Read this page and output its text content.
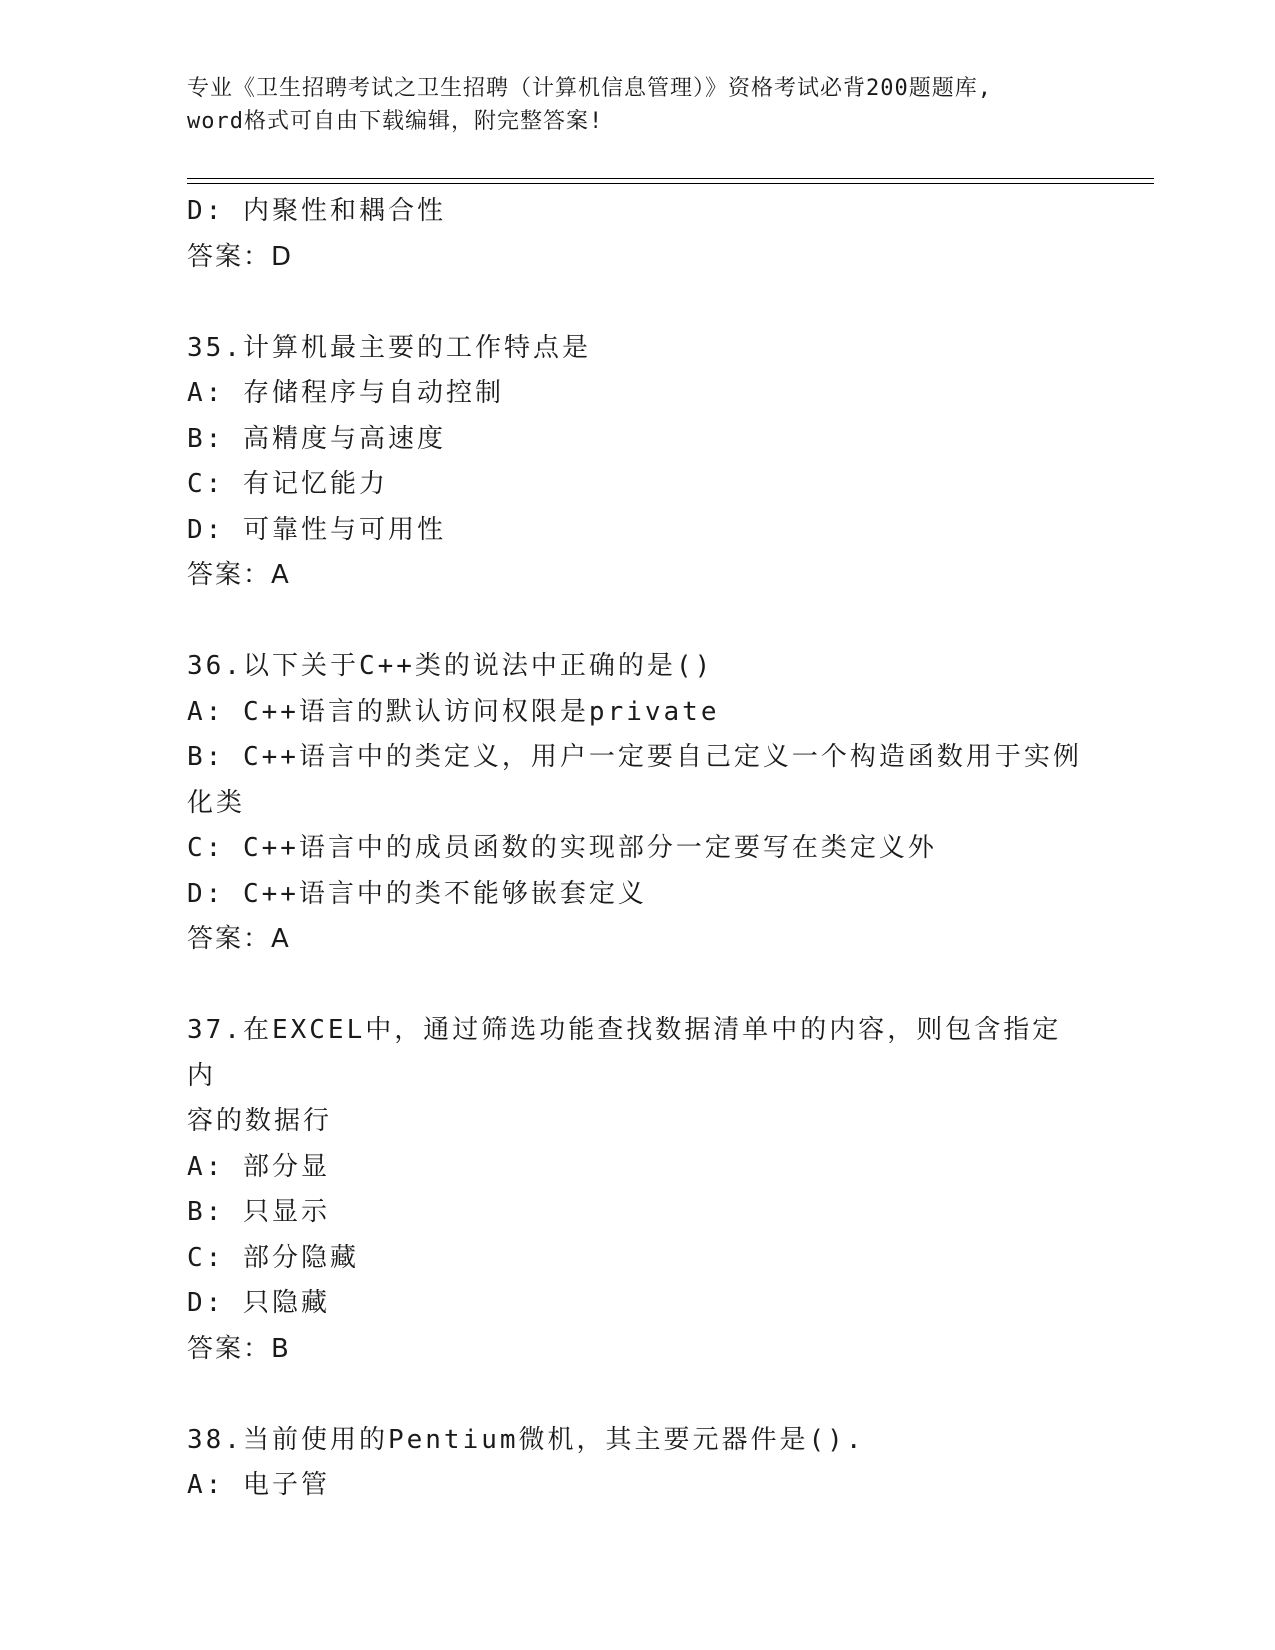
专业《卫生招聘考试之卫生招聘（计算机信息管理）》资格考试必背200题题库,
word格式可自由下载编辑，附完整答案!
D: 内聚性和耦合性
答案：D
35.计算机最主要的工作特点是
A: 存储程序与自动控制
B: 高精度与高速度
C: 有记忆能力
D: 可靠性与可用性
答案：A
36.以下关于C++类的说法中正确的是()
A: C++语言的默认访问权限是private
B: C++语言中的类定义，用户一定要自己定义一个构造函数用于实例
化类
C: C++语言中的成员函数的实现部分一定要写在类定义外
D: C++语言中的类不能够嵌套定义
答案：A
37.在EXCEL中，通过筛选功能查找数据清单中的内容，则包含指定内
容的数据行
A: 部分显
B: 只显示
C: 部分隐藏
D: 只隐藏
答案：B
38.当前使用的Pentium微机，其主要元器件是().
A: 电子管
